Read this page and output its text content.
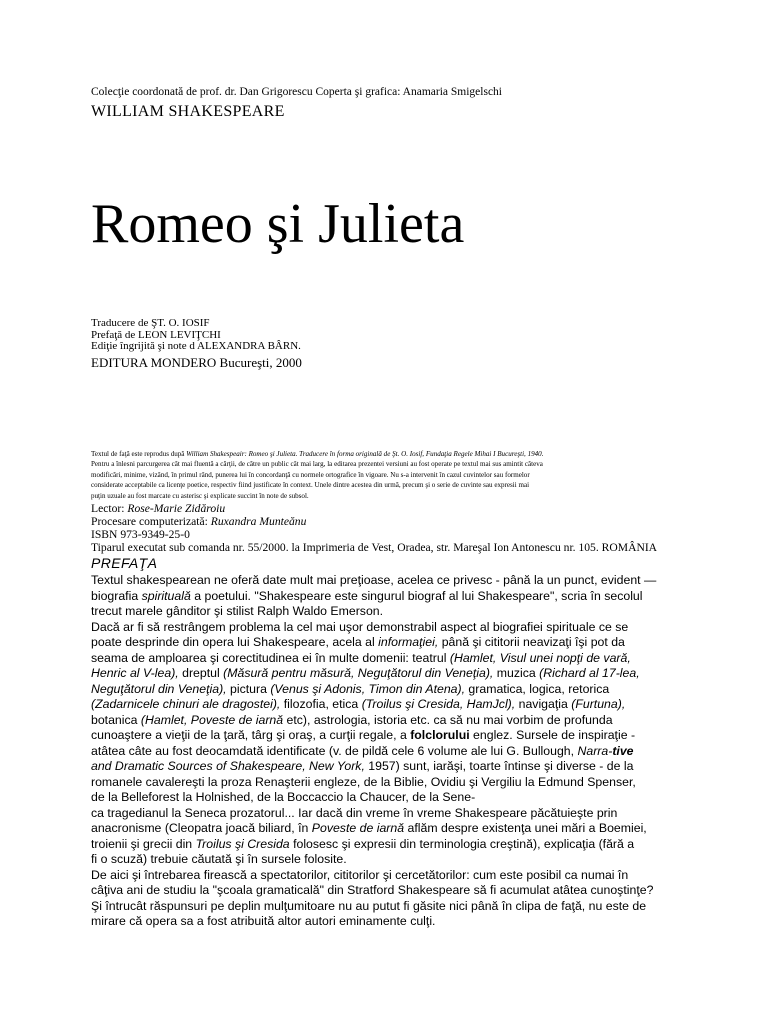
Colecţie coordonată de prof. dr. Dan Grigorescu Coperta şi grafica: Anamaria Smigelschi
WILLIAM SHAKESPEARE
Romeo şi Julieta
Traducere de ŞT. O. IOSIF
Prefaţă de LEON LEVIŢCHI
Ediţie îngrijită şi note d ALEXANDRA BÂRN.
EDITURA MONDERO Bucureşti, 2000
Textul de faţă este reprodus după William Shakespeair: Romeo şi Julieta. Traducere în forma originală de Şt. O. Iosif, Fundaţia Regele Mihai I Bucureşti, 1940.
Pentru a înlesni parcurgerea cât mai fluentă a cărţii, de către un public cât mai larg, la editarea prezentei versiuni au fost operate pe textul mai sus amintit câteva
modificări, minime, vizând, în primul rând, punerea lui în concordanţă cu normele ortografice în vigoare. Nu s-a intervenit în cazul cuvintelor sau formelor
considerate acceptabile ca licenţe poetice, respectiv fiind justificate în context. Unele dintre acestea din urmă, precum şi o serie de cuvinte sau expresii mai
puţin uzuale au fost marcate cu asterisc şi explicate succint în note de subsol.
Lector: Rose-Marie Zidăroiu
Procesare computerizată: Ruxandra Munteănu
ISBN 973-9349-25-0
Tiparul executat sub comanda nr. 55/2000. la Imprimeria de Vest, Oradea, str. Mareşal Ion Antonescu nr. 105. ROMÂNIA
PREFAŢA
Textul shakespearean ne oferă date mult mai preţioase, acelea ce privesc - până la un punct, evident —
biografia spirituală a poetului. "Shakespeare este singurul biograf al lui Shakespeare", scria în secolul
trecut marele gânditor şi stilist Ralph Waldo Emerson.
Dacă ar fi să restrângem problema la cel mai uşor demonstrabil aspect al biografiei spirituale ce se
poate desprinde din opera lui Shakespeare, acela al informaţiei, până şi cititorii neavizaţi îşi pot da
seama de amploarea şi corectitudinea ei în multe domenii: teatrul (Hamlet, Visul unei nopţi de vară,
Henric al V-lea), dreptul (Măsură pentru măsură, Neguţătorul din Veneţia), muzica (Richard al 17-lea,
Neguţătorul din Veneţia), pictura (Venus şi Adonis, Timon din Atena), gramatica, logica, retorica
(Zadarnicele chinuri ale dragostei), filozofia, etica (Troilus şi Cresida, HamJcl), navigaţia (Furtuna),
botanica (Hamlet, Poveste de iarnă etc), astrologia, istoria etc. ca să nu mai vorbim de profunda
cunoaştere a vieţii de la ţară, târg şi oraş, a curţii regale, a folclorului englez. Sursele de inspiraţie -
atâtea câte au fost deocamdată identificate (v. de pildă cele 6 volume ale lui G. Bullough, Narra-tive
and Dramatic Sources of Shakespeare, New York, 1957) sunt, iarăşi, toarte întinse şi diverse - de la
romanele cavalereşti la proza Renaşterii engleze, de la Biblie, Ovidiu şi Vergiliu la Edmund Spenser,
de la Belleforest la Holnished, de la Boccaccio la Chaucer, de la Sene-
ca tragedianul la Seneca prozatorul... Iar dacă din vreme în vreme Shakespeare păcătuieşte prin
anacronisme (Cleopatra joacă biliard, în Poveste de iarnă aflăm despre existenţa unei mări a Boemiei,
troienii şi grecii din Troilus şi Cresida folosesc şi expresii din terminologia creştină), explicaţia (fără a
fi o scuză) trebuie căutată şi în sursele folosite.
De aici şi întrebarea firească a spectatorilor, cititorilor şi cercetătorilor: cum este posibil ca numai în
câţiva ani de studiu la "şcoala gramaticală" din Stratford Shakespeare să fi acumulat atâtea cunoştinţe?
Şi întrucât răspunsuri pe deplin mulţumitoare nu au putut fi găsite nici până în clipa de faţă, nu este de
mirare că opera sa a fost atribuită altor autori eminamente culţi.
